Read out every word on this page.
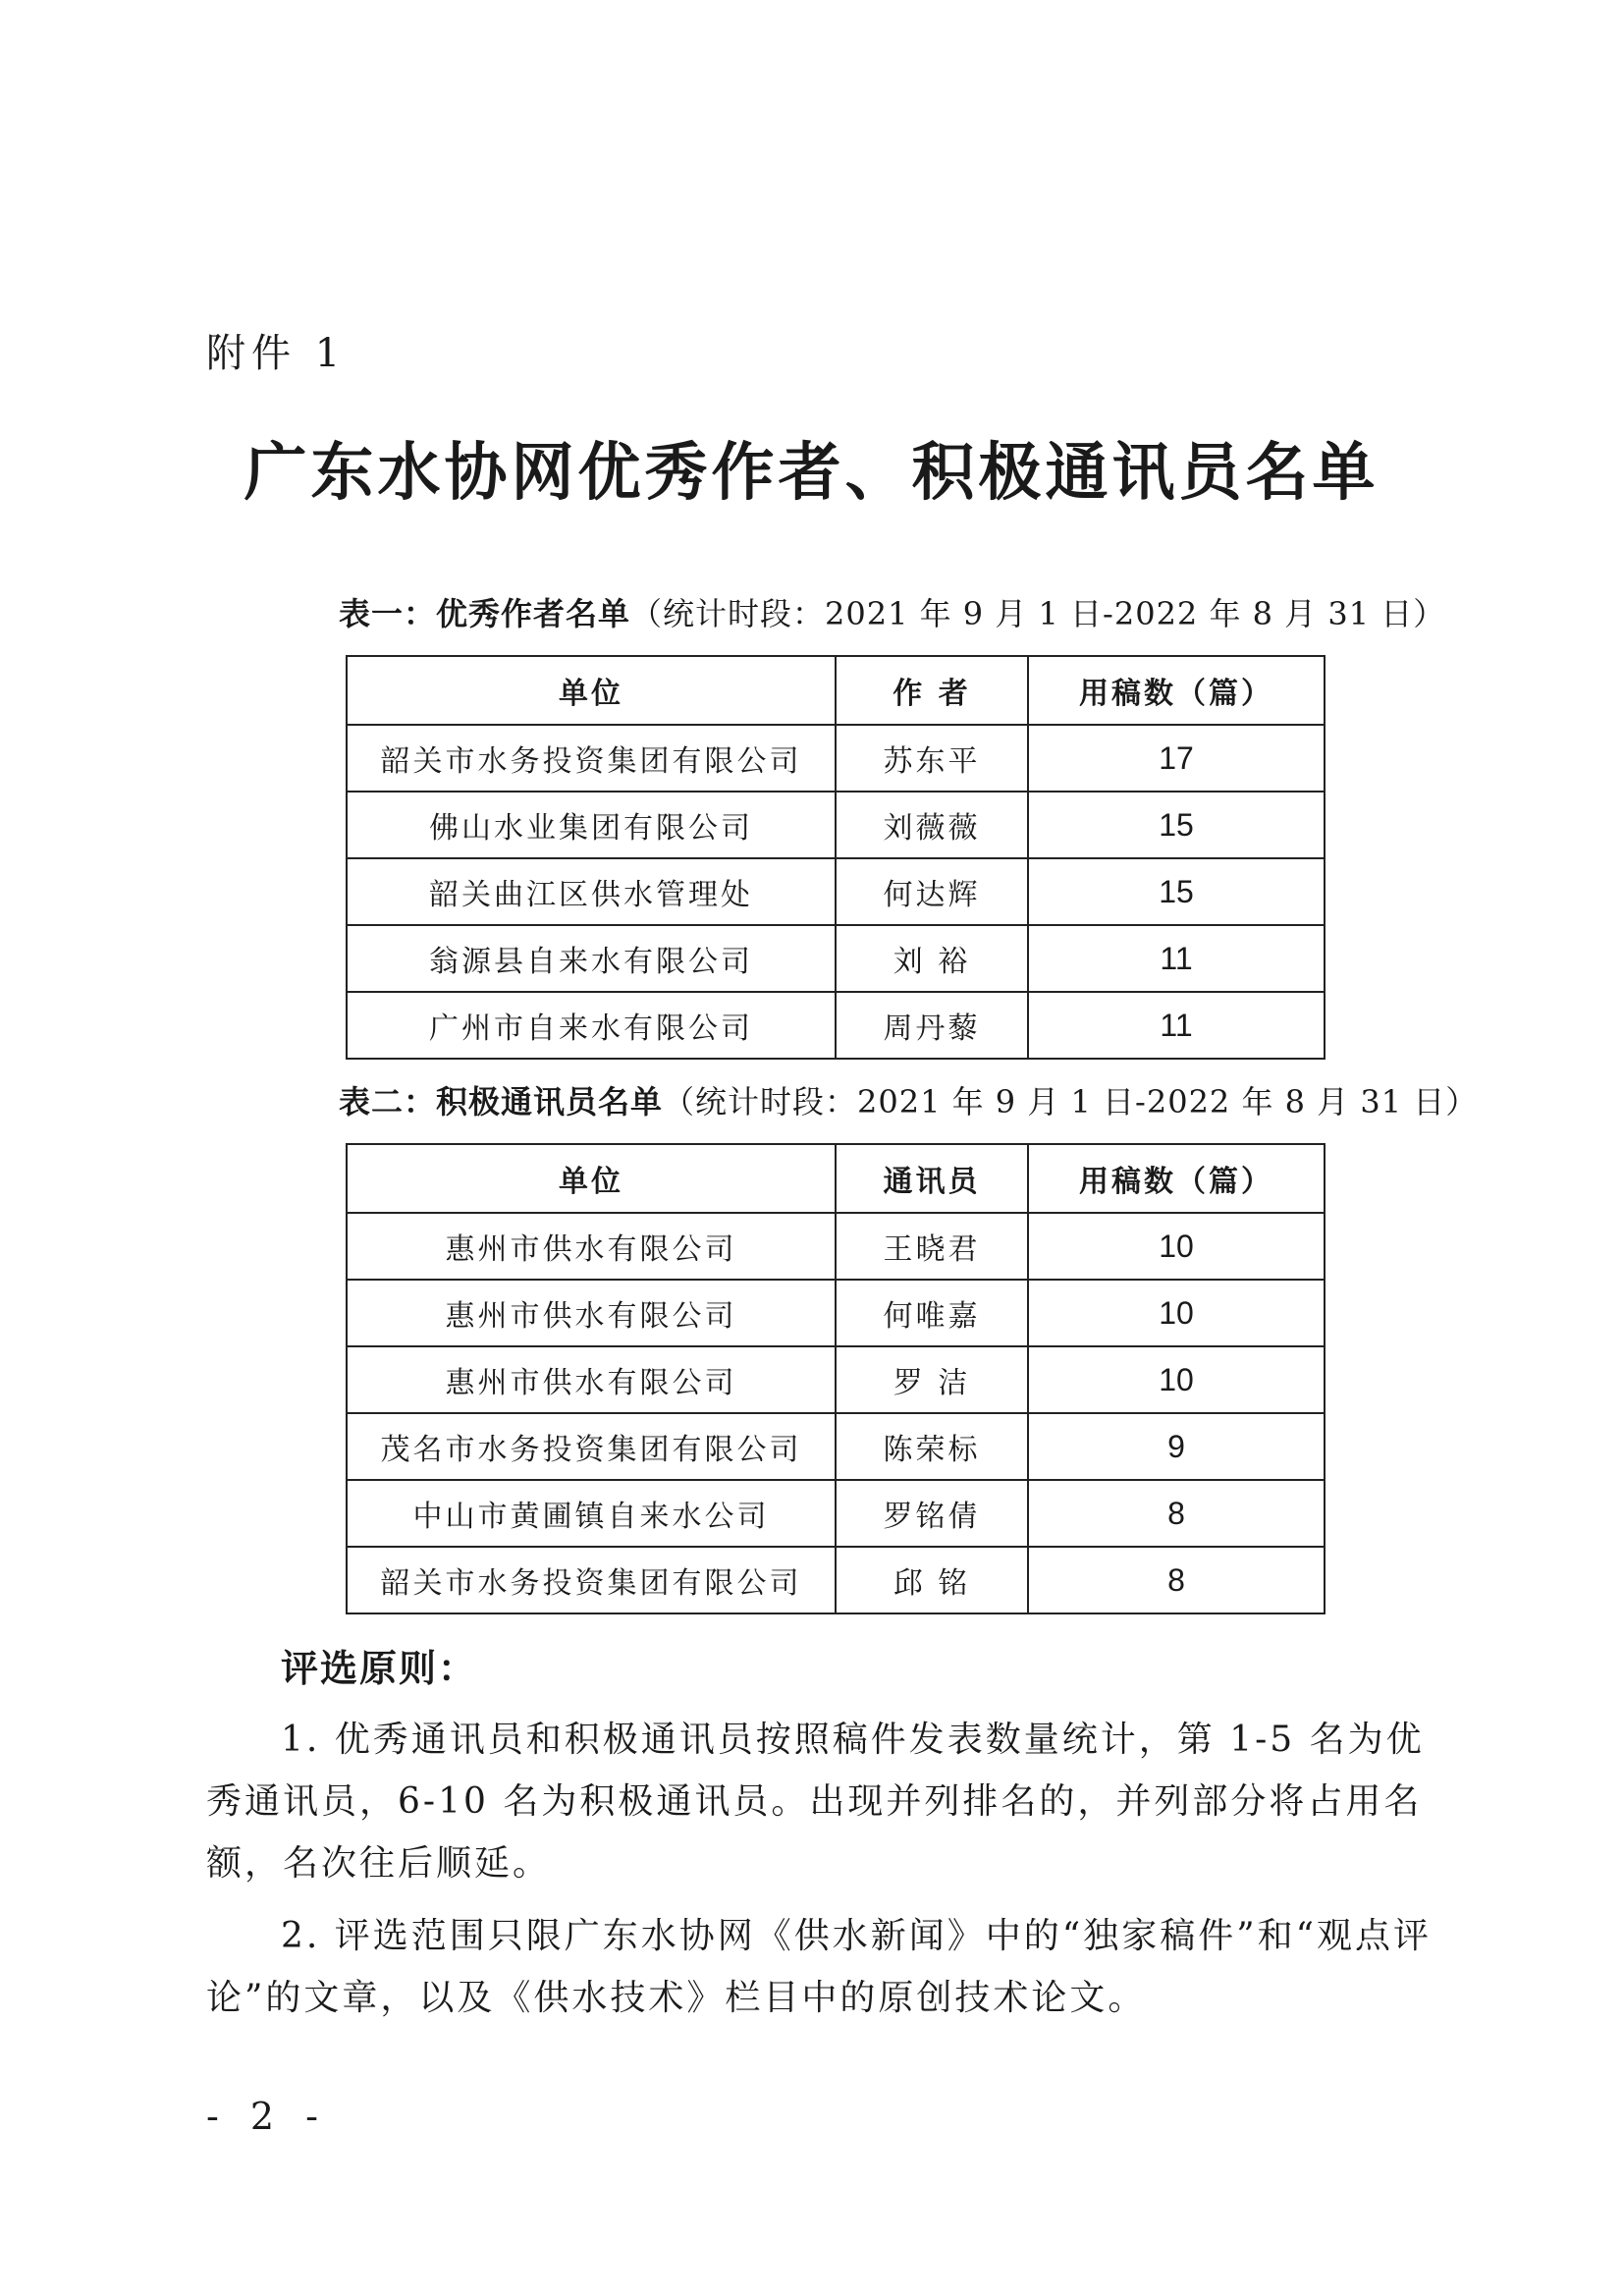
附件 1
广东水协网优秀作者、积极通讯员名单
表一：优秀作者名单（统计时段：2021 年 9 月 1 日-2022 年 8 月 31 日）
单位	作 者	用稿数（篇）
韶关市水务投资集团有限公司	苏东平	17
佛山水业集团有限公司	刘薇薇	15
韶关曲江区供水管理处	何达辉	15
翁源县自来水有限公司	刘 裕	11
广州市自来水有限公司	周丹藜	11
表二：积极通讯员名单（统计时段：2021 年 9 月 1 日-2022 年 8 月 31 日）
单位	通讯员	用稿数（篇）
惠州市供水有限公司	王晓君	10
惠州市供水有限公司	何唯嘉	10
惠州市供水有限公司	罗 洁	10
茂名市水务投资集团有限公司	陈荣标	9
中山市黄圃镇自来水公司	罗铭倩	8
韶关市水务投资集团有限公司	邱 铭	8
评选原则：
1. 优秀通讯员和积极通讯员按照稿件发表数量统计，第 1-5 名为优秀通讯员，6-10 名为积极通讯员。出现并列排名的，并列部分将占用名额，名次往后顺延。
2. 评选范围只限广东水协网《供水新闻》中的“独家稿件”和“观点评论”的文章，以及《供水技术》栏目中的原创技术论文。
- 2 -
